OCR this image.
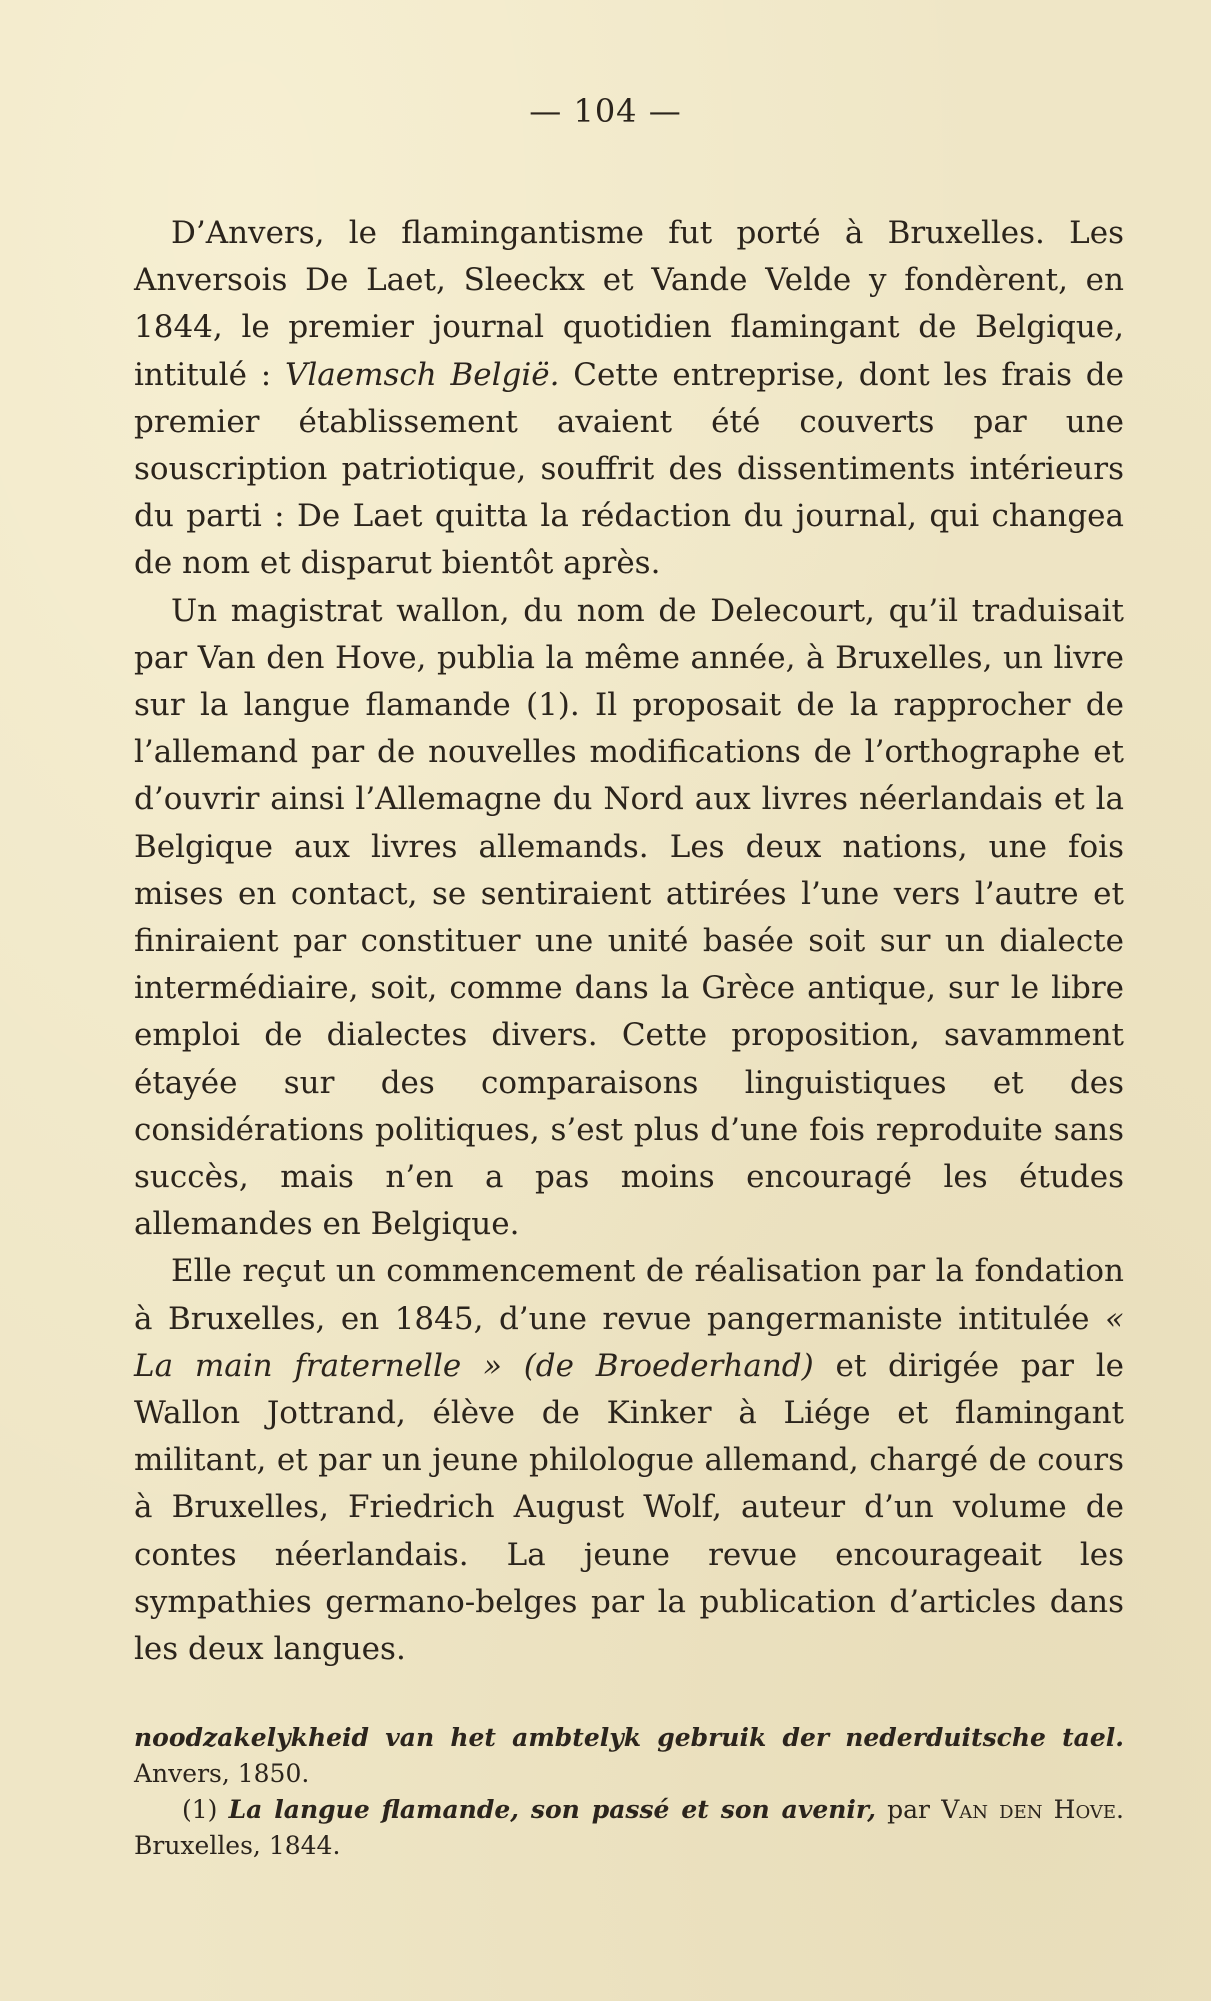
— 104 —

D’Anvers, le flamingantisme fut porté à Bruxelles. Les Anversois De Laet, Sleeckx et Vande Velde y fondèrent, en 1844, le premier journal quotidien flamingant de Belgique, intitulé : Vlaemsch België. Cette entreprise, dont les frais de premier établissement avaient été couverts par une souscription patriotique, souffrit des dissentiments intérieurs du parti : De Laet quitta la rédaction du journal, qui changea de nom et disparut bientôt après.

Un magistrat wallon, du nom de Delecourt, qu’il traduisait par Van den Hove, publia la même année, à Bruxelles, un livre sur la langue flamande (1). Il proposait de la rapprocher de l’allemand par de nouvelles modifications de l’orthographe et d’ouvrir ainsi l’Allemagne du Nord aux livres néerlandais et la Belgique aux livres allemands. Les deux nations, une fois mises en contact, se sentiraient attirées l’une vers l’autre et finiraient par constituer une unité basée soit sur un dialecte intermédiaire, soit, comme dans la Grèce antique, sur le libre emploi de dialectes divers. Cette proposition, savamment étayée sur des comparaisons linguistiques et des considérations politiques, s’est plus d’une fois reproduite sans succès, mais n’en a pas moins encouragé les études allemandes en Belgique.

Elle reçut un commencement de réalisation par la fondation à Bruxelles, en 1845, d’une revue pangermaniste intitulée « La main fraternelle » (de Broederhand) et dirigée par le Wallon Jottrand, élève de Kinker à Liége et flamingant militant, et par un jeune philologue allemand, chargé de cours à Bruxelles, Friedrich August Wolf, auteur d’un volume de contes néerlandais. La jeune revue encourageait les sympathies germano-belges par la publication d’articles dans les deux langues.

noodzakelykheid van het ambtelyk gebruik der nederduitsche tael. Anvers, 1850.

(1) La langue flamande, son passé et son avenir, par Van den Hove. Bruxelles, 1844.
